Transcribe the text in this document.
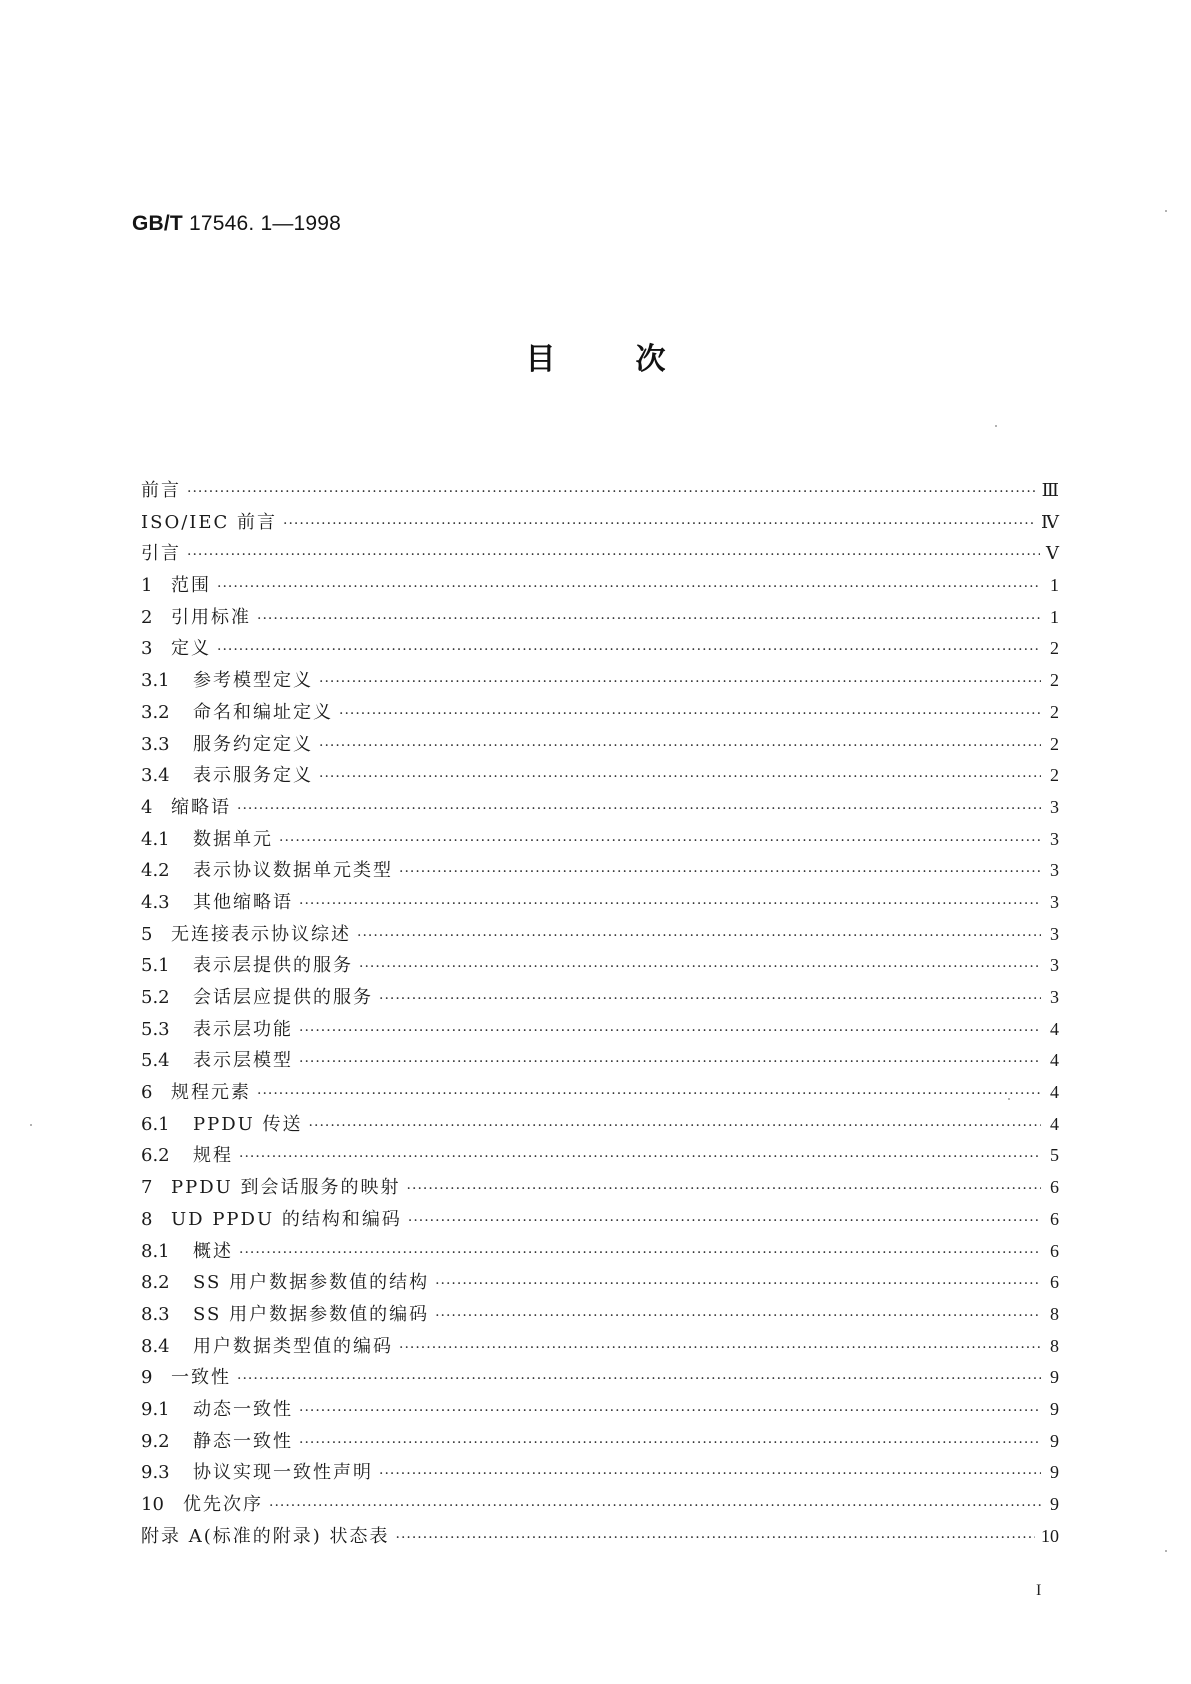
GB/T 17546. 1—1998
目次
前言 ·····	Ⅲ
ISO/IEC 前言 ·····	Ⅳ
引言 ·····	Ⅴ
1	范围 ·····	1
2	引用标准 ·····	1
3	定义 ·····	2
3.1	参考模型定义 ·····	2
3.2	命名和编址定义 ·····	2
3.3	服务约定定义 ·····	2
3.4	表示服务定义 ·····	2
4	缩略语 ·····	3
4.1	数据单元 ·····	3
4.2	表示协议数据单元类型 ·····	3
4.3	其他缩略语 ·····	3
5	无连接表示协议综述 ·····	3
5.1	表示层提供的服务 ·····	3
5.2	会话层应提供的服务 ·····	3
5.3	表示层功能 ·····	4
5.4	表示层模型 ·····	4
6	规程元素 ·····	4
6.1	PPDU 传送 ·····	4
6.2	规程 ·····	5
7	PPDU 到会话服务的映射 ·····	6
8	UD PPDU 的结构和编码 ·····	6
8.1	概述 ·····	6
8.2	SS 用户数据参数值的结构 ·····	6
8.3	SS 用户数据参数值的编码 ·····	8
8.4	用户数据类型值的编码 ·····	8
9	一致性 ·····	9
9.1	动态一致性 ·····	9
9.2	静态一致性 ·····	9
9.3	协议实现一致性声明 ·····	9
10	优先次序 ·····	9
附录 A(标准的附录) 状态表 ·····	10
I
